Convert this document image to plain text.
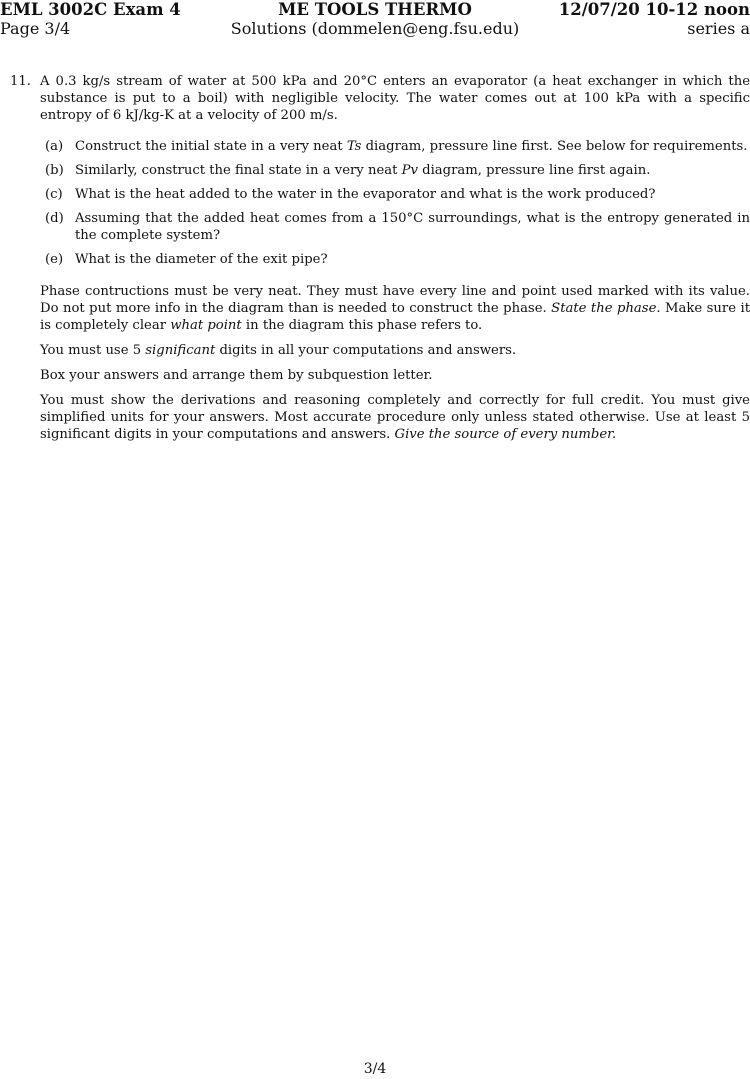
EML 3002C Exam 4	ME TOOLS THERMO	12/07/20 10-12 noon
Page 3/4	Solutions (dommelen@eng.fsu.edu)	series a
11. A 0.3 kg/s stream of water at 500 kPa and 20°C enters an evaporator (a heat exchanger in which the substance is put to a boil) with negligible velocity. The water comes out at 100 kPa with a specific entropy of 6 kJ/kg-K at a velocity of 200 m/s.
(a) Construct the initial state in a very neat Ts diagram, pressure line first. See below for requirements.
(b) Similarly, construct the final state in a very neat Pv diagram, pressure line first again.
(c) What is the heat added to the water in the evaporator and what is the work produced?
(d) Assuming that the added heat comes from a 150°C surroundings, what is the entropy generated in the complete system?
(e) What is the diameter of the exit pipe?

Phase contructions must be very neat. They must have every line and point used marked with its value. Do not put more info in the diagram than is needed to construct the phase. State the phase. Make sure it is completely clear what point in the diagram this phase refers to.

You must use 5 significant digits in all your computations and answers.

Box your answers and arrange them by subquestion letter.

You must show the derivations and reasoning completely and correctly for full credit. You must give simplified units for your answers. Most accurate procedure only unless stated otherwise. Use at least 5 significant digits in your computations and answers. Give the source of every number.

3/4
